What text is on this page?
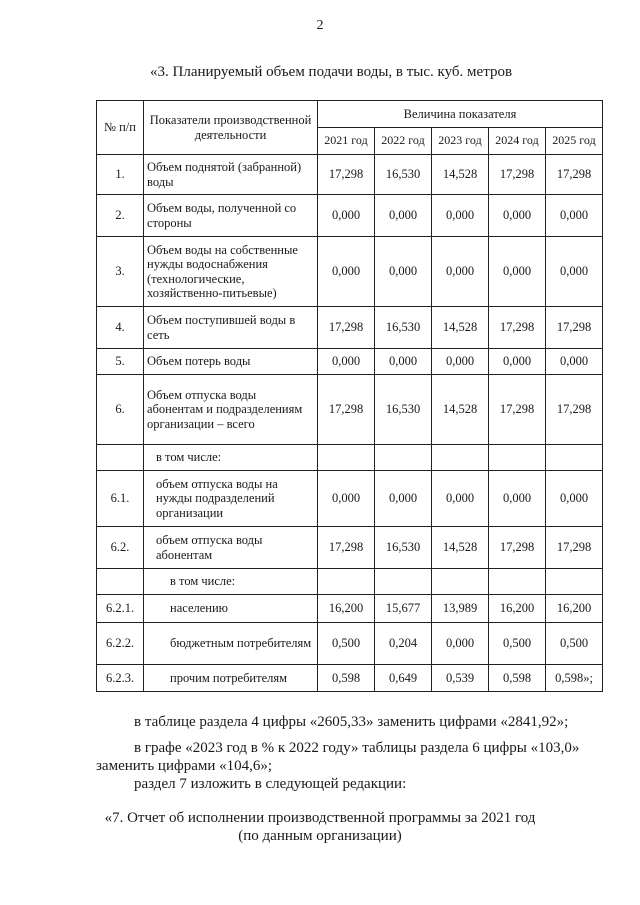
2
«3. Планируемый объем подачи воды, в тыс. куб. метров
№ п/п	Показатели производственной деятельности	Величина показателя				
		2021 год	2022 год	2023 год	2024 год	2025 год
1.	Объем поднятой (забранной) воды	17,298	16,530	14,528	17,298	17,298
2.	Объем воды, полученной со стороны	0,000	0,000	0,000	0,000	0,000
3.	Объем воды на собственные нужды водоснабжения (технологические, хозяйственно-питьевые)	0,000	0,000	0,000	0,000	0,000
4.	Объем поступившей воды в сеть	17,298	16,530	14,528	17,298	17,298
5.	Объем потерь воды	0,000	0,000	0,000	0,000	0,000
6.	Объем отпуска воды абонентам и подразделениям организации – всего	17,298	16,530	14,528	17,298	17,298
	в том числе:					
6.1.	объем отпуска воды на нужды подразделений организации	0,000	0,000	0,000	0,000	0,000
6.2.	объем отпуска воды абонентам	17,298	16,530	14,528	17,298	17,298
	в том числе:					
6.2.1.	населению	16,200	15,677	13,989	16,200	16,200
6.2.2.	бюджетным потребителям	0,500	0,204	0,000	0,500	0,500
6.2.3.	прочим потребителям	0,598	0,649	0,539	0,598	0,598»;
в таблице раздела 4 цифры «2605,33» заменить цифрами «2841,92»;
в графе «2023 год в % к 2022 году» таблицы раздела 6 цифры «103,0»
заменить цифрами «104,6»;
раздел 7 изложить в следующей редакции:
«7. Отчет об исполнении производственной программы за 2021 год
(по данным организации)
